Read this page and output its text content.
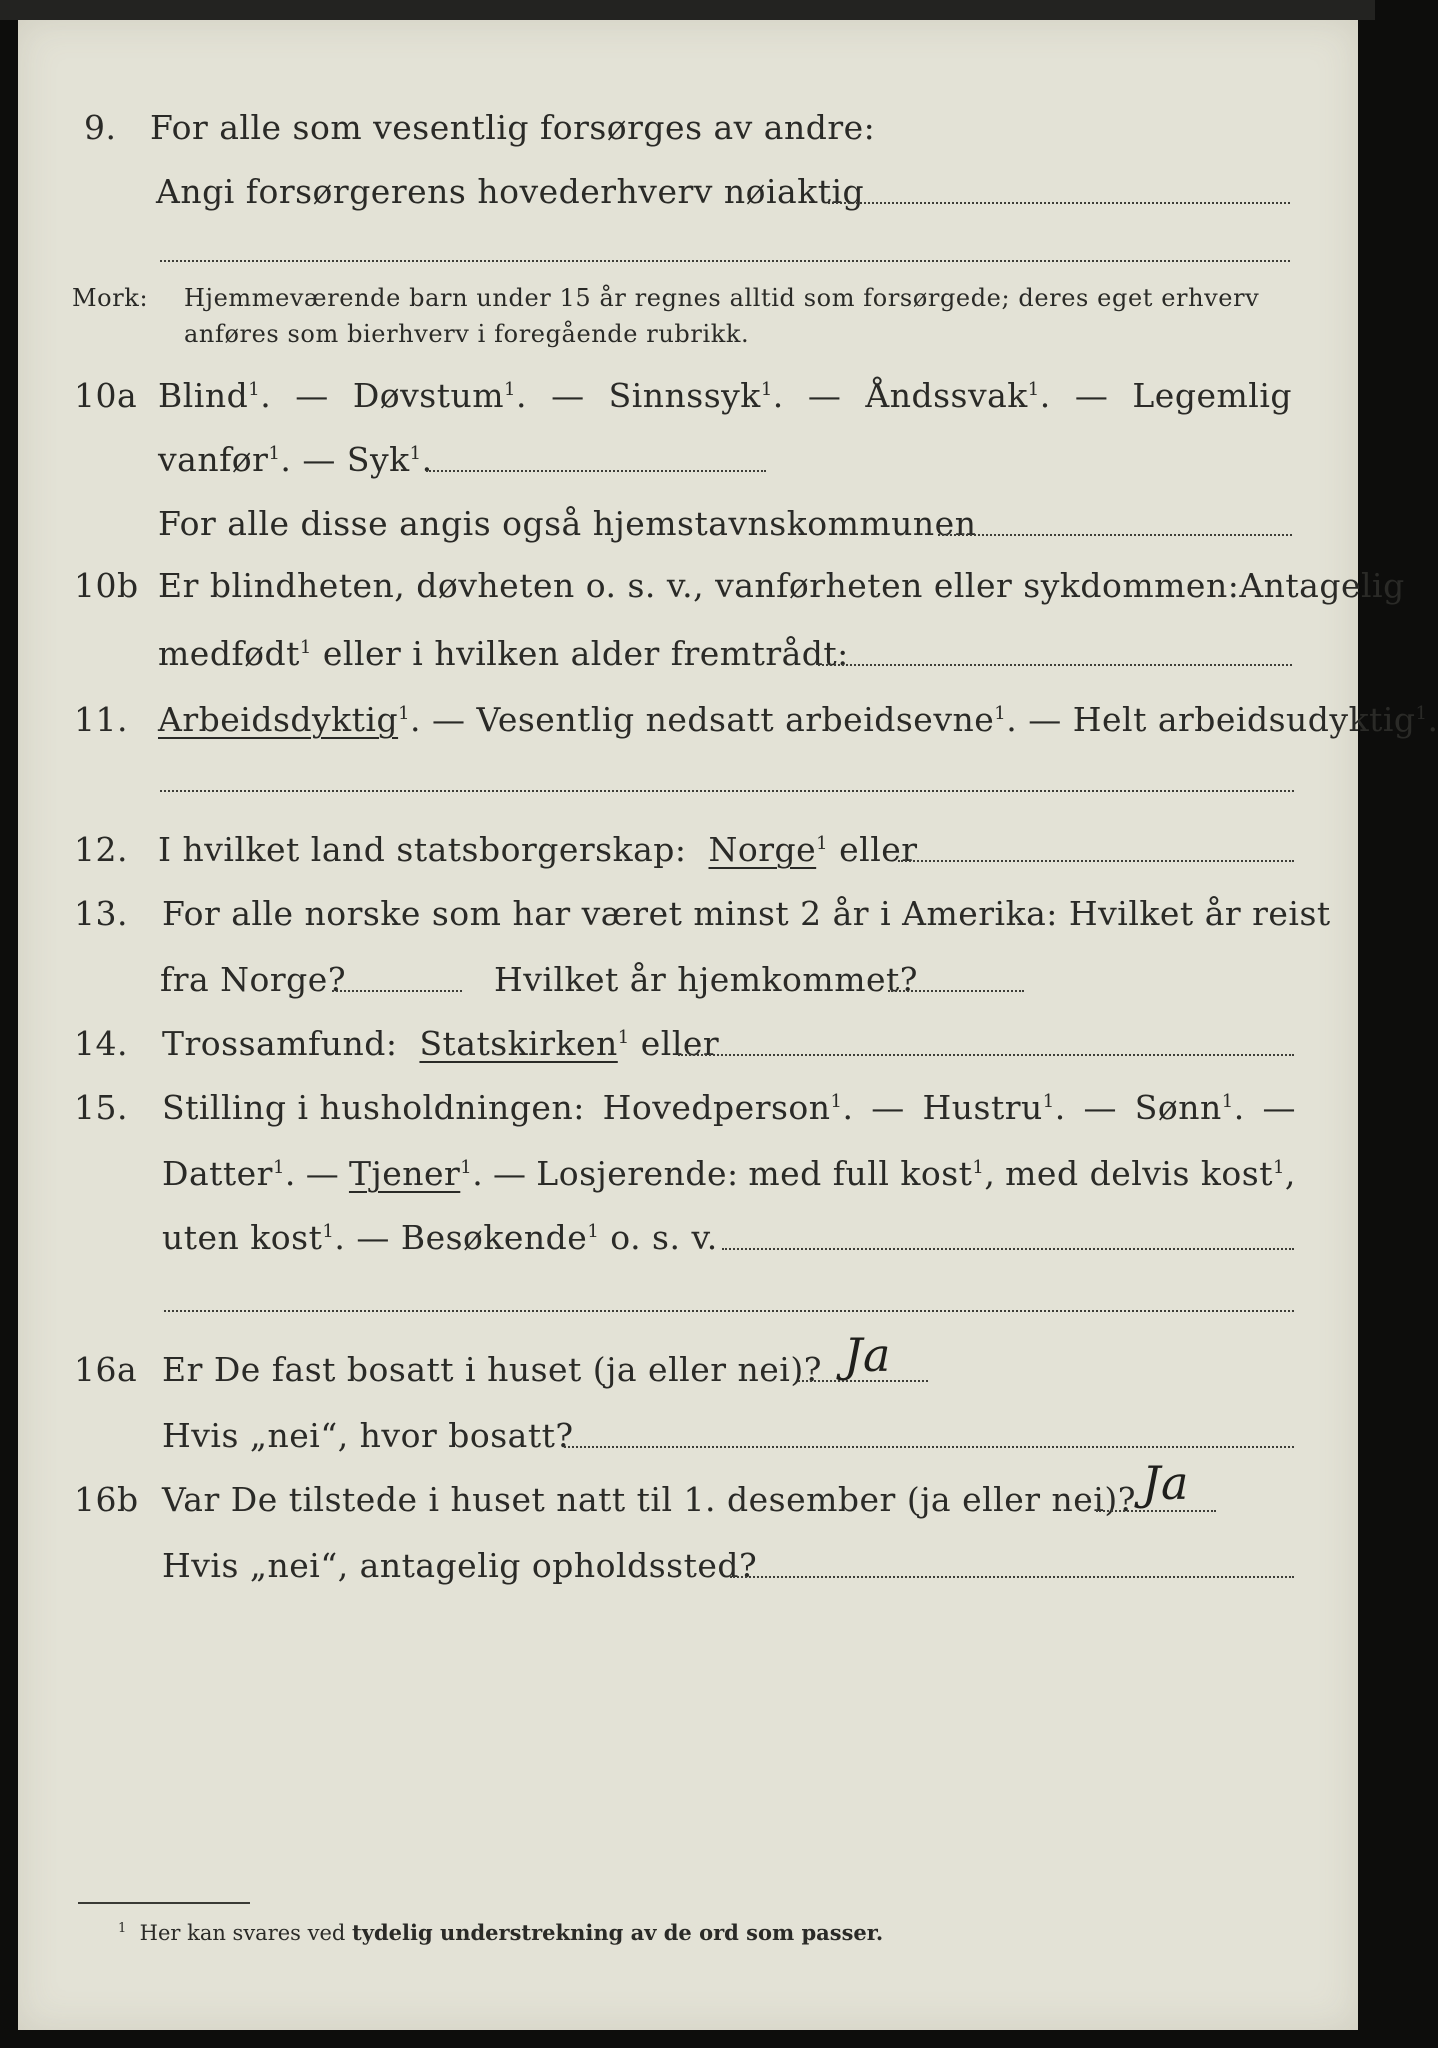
9. For alle som vesentlig forsørges av andre:
Angi forsørgerens hovederhverv nøiaktig
Mork: Hjemmeværende barn under 15 år regnes alltid som forsørgede; deres eget erhverv
anføres som bierhverv i foregående rubrikk.
10a Blind$^1$. — Døvstum$^1$. — Sinnssyk$^1$. — Åndssvak$^1$. — Legemlig
vanfør$^1$. — Syk$^1$.
For alle disse angis også hjemstavnskommunen
10b Er blindheten, døvheten o. s. v., vanførheten eller sykdommen: Antagelig
medfødt$^1$ eller i hvilken alder fremtrådt:
11. Arbeidsdyktig$^1$. — Vesentlig nedsatt arbeidsevne$^1$. — Helt arbeidsudyktig$^1$.
12. I hvilket land statsborgerskap: Norge$^1$ eller
13. For alle norske som har været minst 2 år i Amerika: Hvilket år reist
fra Norge?	Hvilket år hjemkommet?
14. Trossamfund: Statskirken$^1$ eller
15. Stilling i husholdningen: Hovedperson$^1$. — Hustru$^1$. — Sønn$^1$. —
Datter$^1$. — Tjener$^1$. — Losjerende: med full kost$^1$, med delvis kost$^1$,
uten kost$^1$. — Besøkende$^1$ o. s. v.
16a Er De fast bosatt i huset (ja eller nei)? Ja
Hvis „nei“, hvor bosatt?
16b Var De tilstede i huset natt til 1. desember (ja eller nei)? Ja
Hvis „nei“, antagelig opholdssted?
$^1$ Her kan svares ved tydelig understrekning av de ord som passer.
